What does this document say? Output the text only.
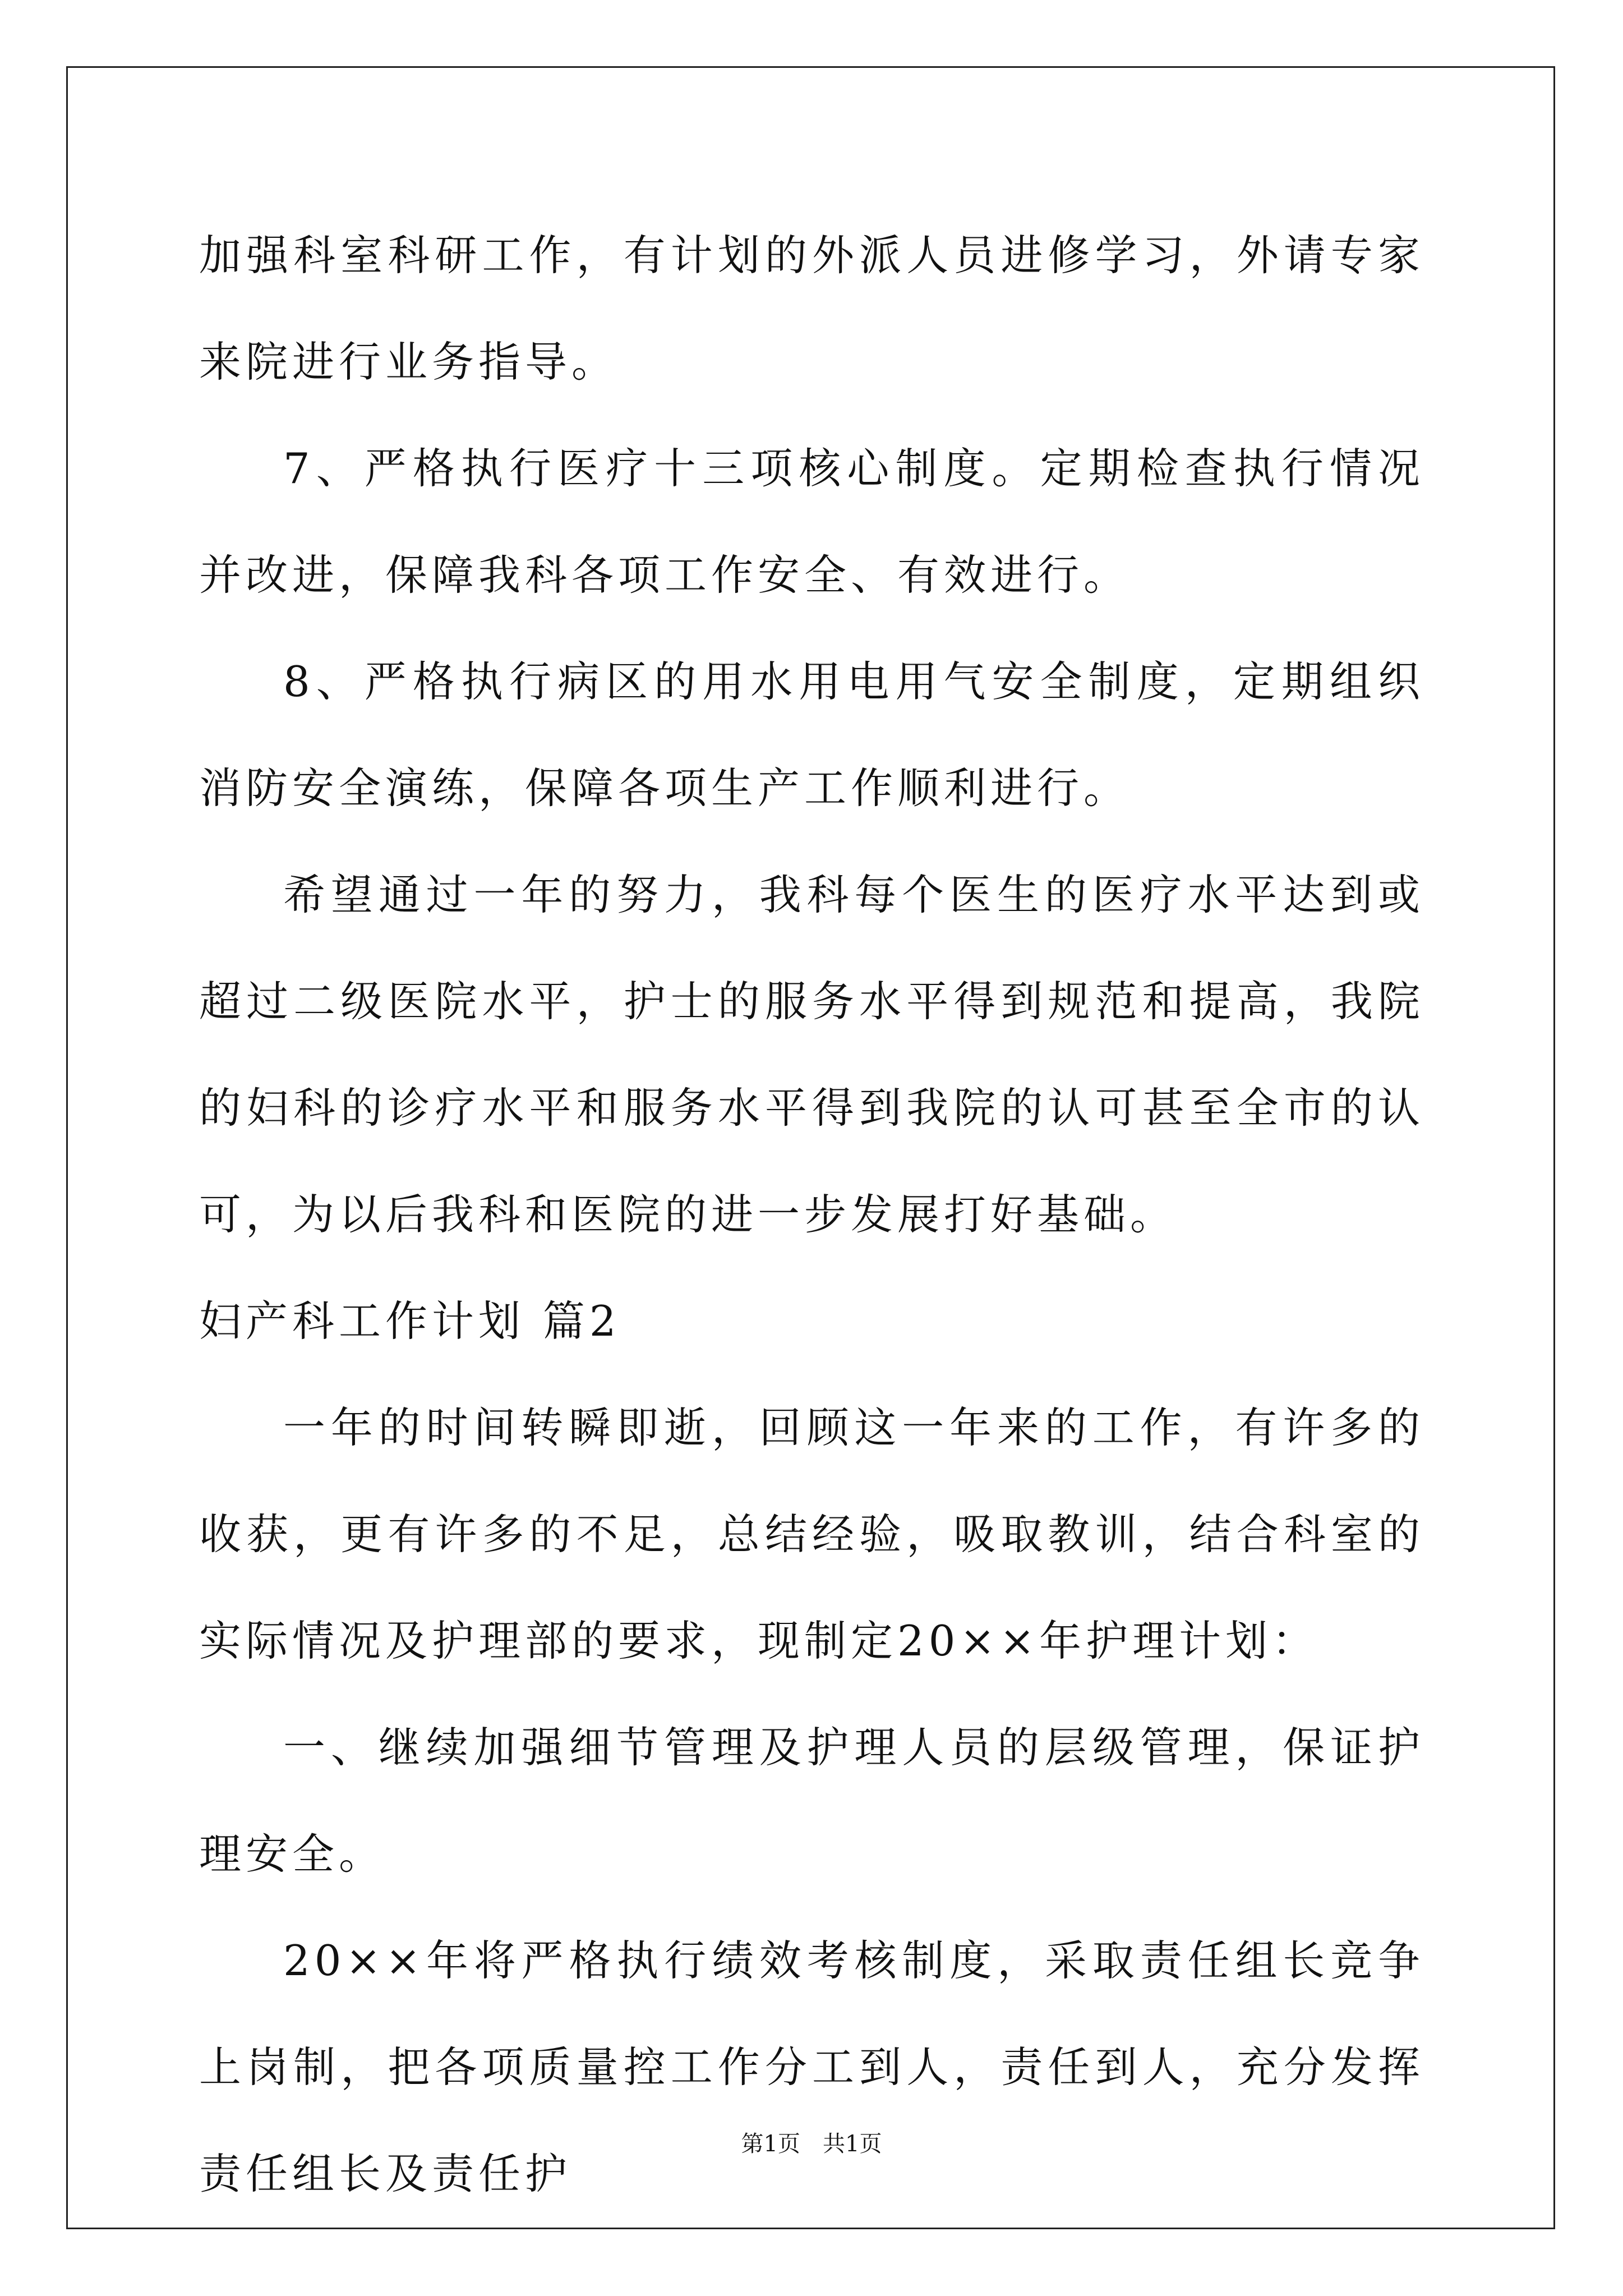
加强科室科研工作，有计划的外派人员进修学习，外请专家来院进行业务指导。

7、严格执行医疗十三项核心制度。定期检查执行情况并改进，保障我科各项工作安全、有效进行。

8、严格执行病区的用水用电用气安全制度，定期组织消防安全演练，保障各项生产工作顺利进行。

希望通过一年的努力，我科每个医生的医疗水平达到或超过二级医院水平，护士的服务水平得到规范和提高，我院的妇科的诊疗水平和服务水平得到我院的认可甚至全市的认可，为以后我科和医院的进一步发展打好基础。

妇产科工作计划 篇2

一年的时间转瞬即逝，回顾这一年来的工作，有许多的收获，更有许多的不足，总结经验，吸取教训，结合科室的实际情况及护理部的要求，现制定20××年护理计划：

一、继续加强细节管理及护理人员的层级管理，保证护理安全。

20××年将严格执行绩效考核制度，采取责任组长竞争上岗制，把各项质量控工作分工到人，责任到人，充分发挥责任组长及责任护

第1页　共1页
